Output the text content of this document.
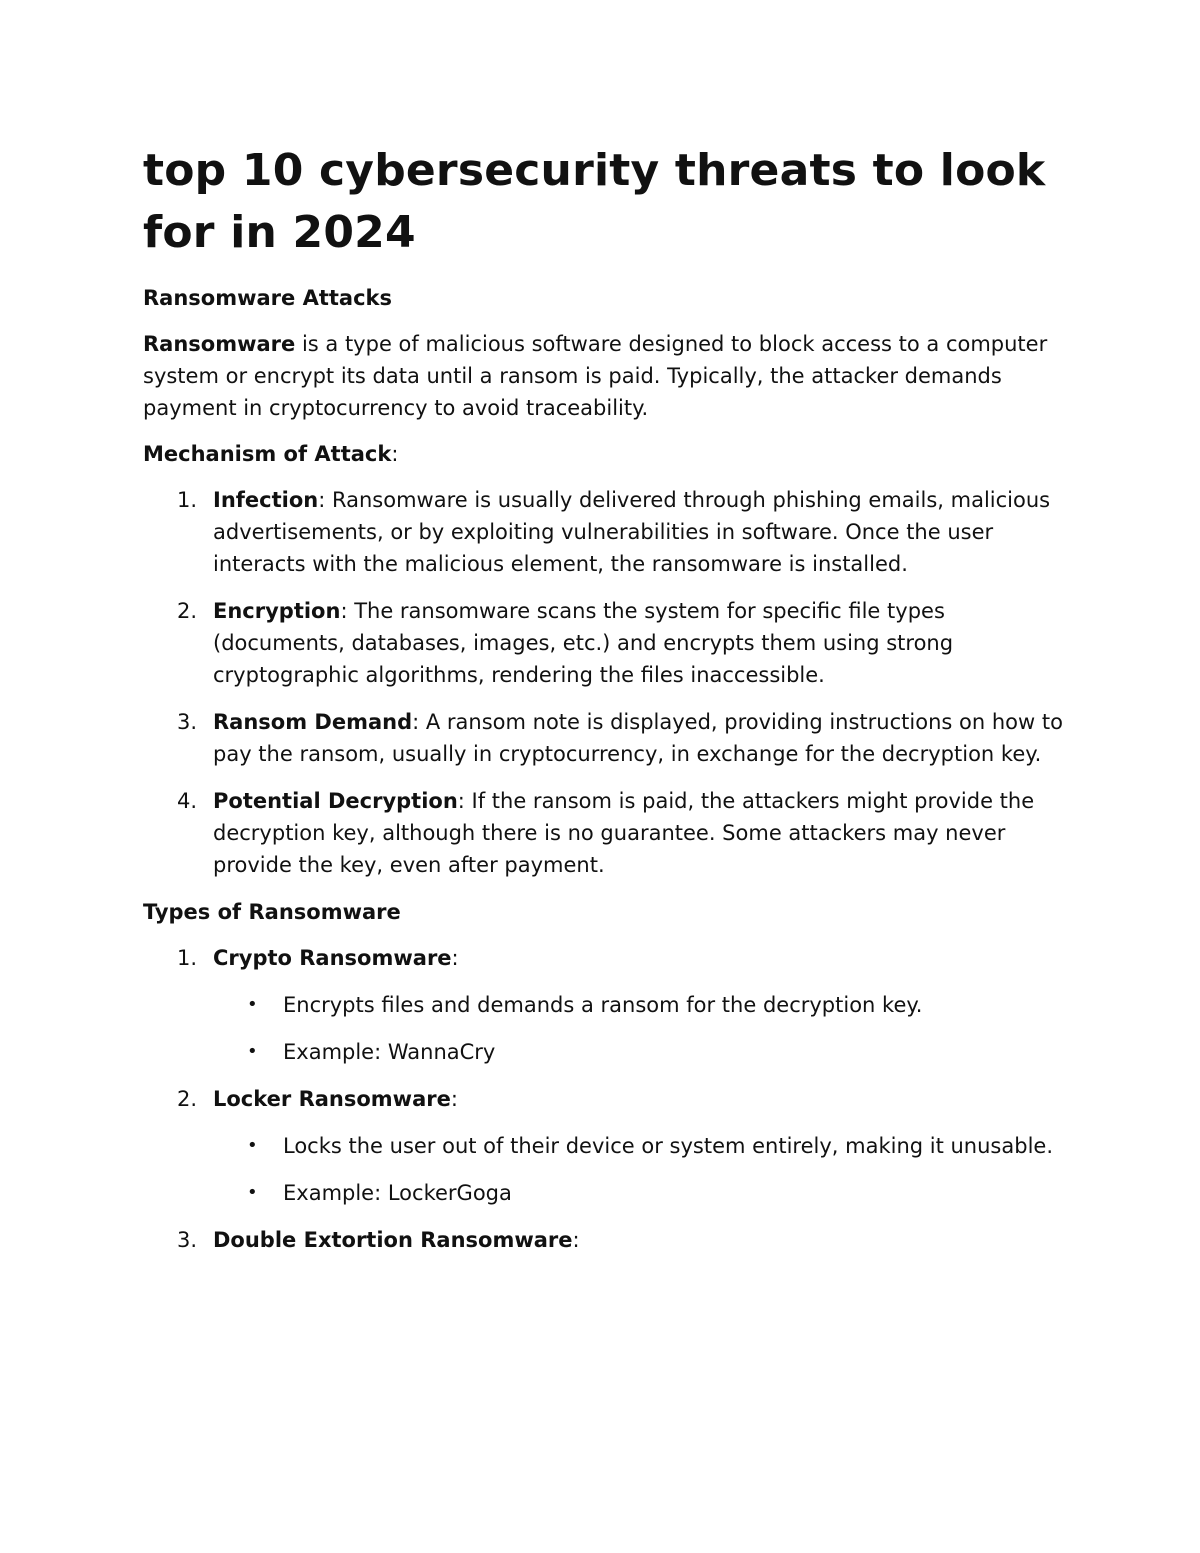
top 10 cybersecurity threats to look for in 2024
Ransomware Attacks

Ransomware is a type of malicious software designed to block access to a computer system or encrypt its data until a ransom is paid. Typically, the attacker demands payment in cryptocurrency to avoid traceability.

Mechanism of Attack:

1. Infection: Ransomware is usually delivered through phishing emails, malicious advertisements, or by exploiting vulnerabilities in software. Once the user interacts with the malicious element, the ransomware is installed.
2. Encryption: The ransomware scans the system for specific file types (documents, databases, images, etc.) and encrypts them using strong cryptographic algorithms, rendering the files inaccessible.
3. Ransom Demand: A ransom note is displayed, providing instructions on how to pay the ransom, usually in cryptocurrency, in exchange for the decryption key.
4. Potential Decryption: If the ransom is paid, the attackers might provide the decryption key, although there is no guarantee. Some attackers may never provide the key, even after payment.
Types of Ransomware
1. Crypto Ransomware:
• Encrypts files and demands a ransom for the decryption key.
• Example: WannaCry
2. Locker Ransomware:
• Locks the user out of their device or system entirely, making it unusable.
• Example: LockerGoga
3. Double Extortion Ransomware:
